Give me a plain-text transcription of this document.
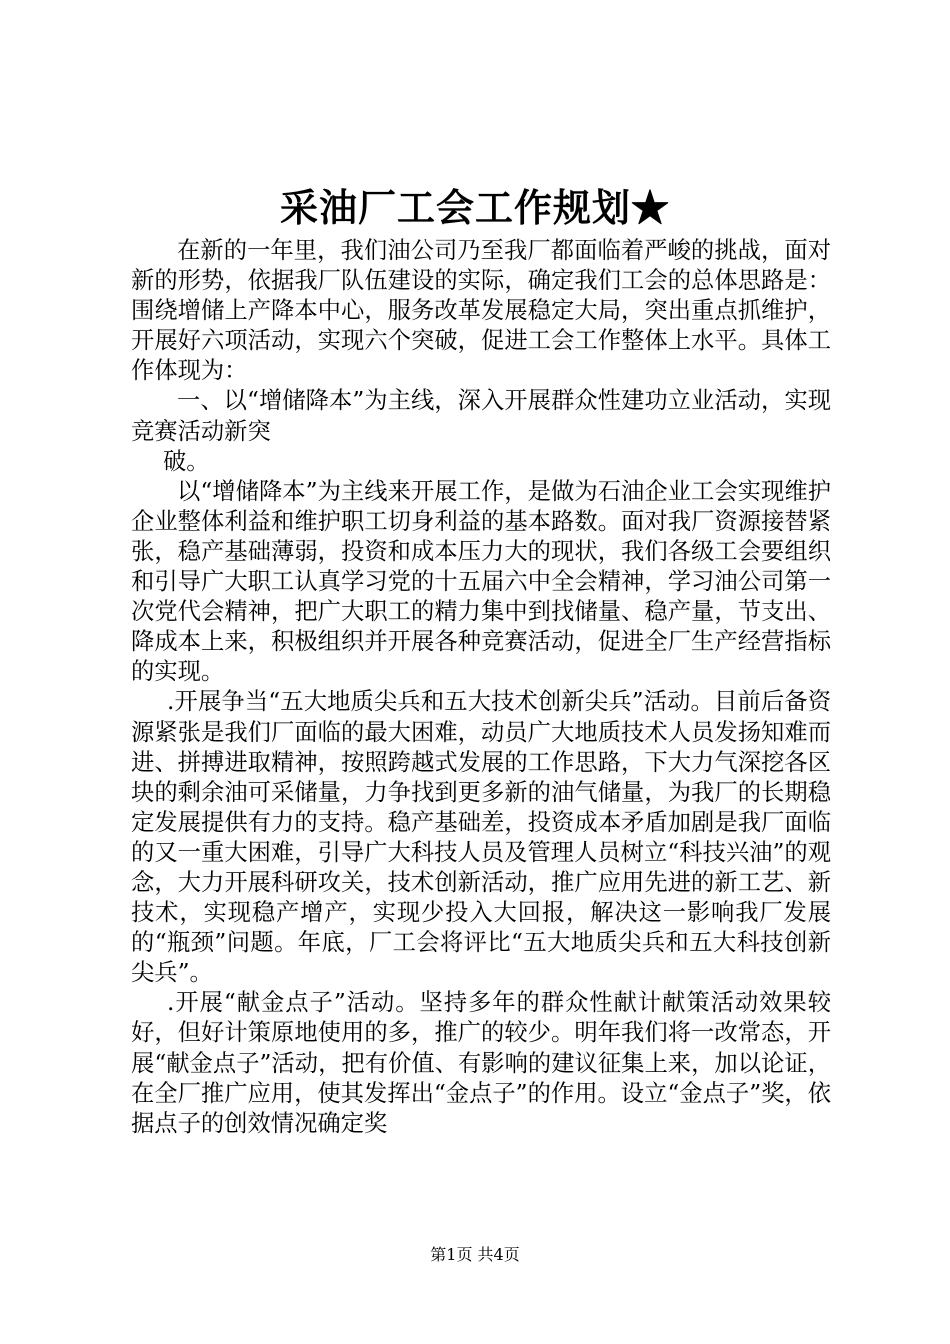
采油厂工会工作规划★

在新的一年里，我们油公司乃至我厂都面临着严峻的挑战，面对新的形势，依据我厂队伍建设的实际，确定我们工会的总体思路是：围绕增储上产降本中心，服务改革发展稳定大局，突出重点抓维护，开展好六项活动，实现六个突破，促进工会工作整体上水平。具体工作体现为：

一、以“增储降本”为主线，深入开展群众性建功立业活动，实现竞赛活动新突

破。

以“增储降本”为主线来开展工作，是做为石油企业工会实现维护企业整体利益和维护职工切身利益的基本路数。面对我厂资源接替紧张，稳产基础薄弱，投资和成本压力大的现状，我们各级工会要组织和引导广大职工认真学习党的十五届六中全会精神，学习油公司第一次党代会精神，把广大职工的精力集中到找储量、稳产量，节支出、降成本上来，积极组织并开展各种竞赛活动，促进全厂生产经营指标的实现。

.开展争当“五大地质尖兵和五大技术创新尖兵”活动。目前后备资源紧张是我们厂面临的最大困难，动员广大地质技术人员发扬知难而进、拼搏进取精神，按照跨越式发展的工作思路，下大力气深挖各区块的剩余油可采储量，力争找到更多新的油气储量，为我厂的长期稳定发展提供有力的支持。稳产基础差，投资成本矛盾加剧是我厂面临的又一重大困难，引导广大科技人员及管理人员树立“科技兴油”的观念，大力开展科研攻关，技术创新活动，推广应用先进的新工艺、新技术，实现稳产增产，实现少投入大回报，解决这一影响我厂发展的“瓶颈”问题。年底，厂工会将评比“五大地质尖兵和五大科技创新尖兵”。

.开展“献金点子”活动。坚持多年的群众性献计献策活动效果较好，但好计策原地使用的多，推广的较少。明年我们将一改常态，开展“献金点子”活动，把有价值、有影响的建议征集上来，加以论证，在全厂推广应用，使其发挥出“金点子”的作用。设立“金点子”奖，依据点子的创效情况确定奖

第1页 共4页
